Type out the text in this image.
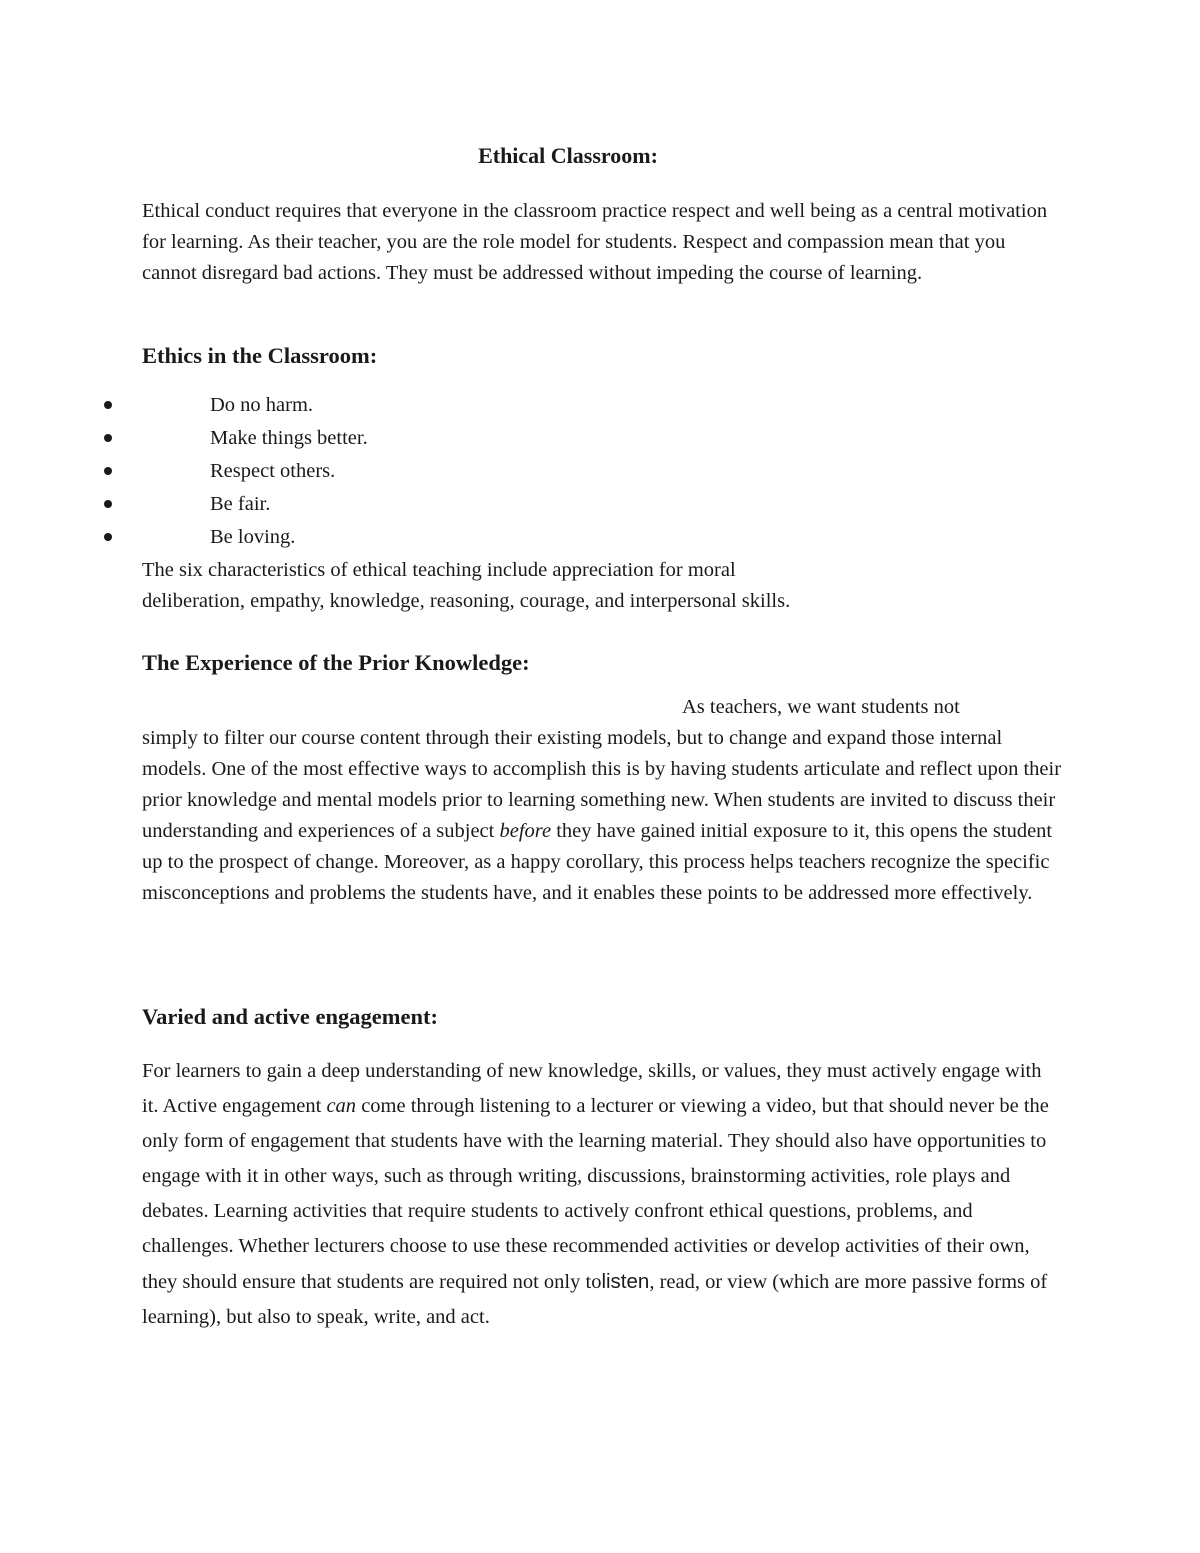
Ethical Classroom:

Ethical conduct requires that everyone in the classroom practice respect and well being as a central motivation for learning. As their teacher, you are the role model for students. Respect and compassion mean that you cannot disregard bad actions. They must be addressed without impeding the course of learning.

Ethics in the Classroom:
Do no harm.
Make things better.
Respect others.
Be fair.
Be loving.

The six characteristics of ethical teaching include appreciation for moral deliberation, empathy, knowledge, reasoning, courage, and interpersonal skills.

The Experience of the Prior Knowledge:

As teachers, we want students not

simply to filter our course content through their existing models, but to change and expand those internal models. One of the most effective ways to accomplish this is by having students articulate and reflect upon their prior knowledge and mental models prior to learning something new. When students are invited to discuss their understanding and experiences of a subject before they have gained initial exposure to it, this opens the student up to the prospect of change. Moreover, as a happy corollary, this process helps teachers recognize the specific misconceptions and problems the students have, and it enables these points to be addressed more effectively.

Varied and active engagement:

For learners to gain a deep understanding of new knowledge, skills, or values, they must actively engage with it. Active engagement can come through listening to a lecturer or viewing a video, but that should never be the only form of engagement that students have with the learning material. They should also have opportunities to engage with it in other ways, such as through writing, discussions, brainstorming activities, role plays and debates. Learning activities that require students to actively confront ethical questions, problems, and challenges. Whether lecturers choose to use these recommended activities or develop activities of their own, they should ensure that students are required not only tolisten, read, or view (which are more passive forms of learning), but also to speak, write, and act.
